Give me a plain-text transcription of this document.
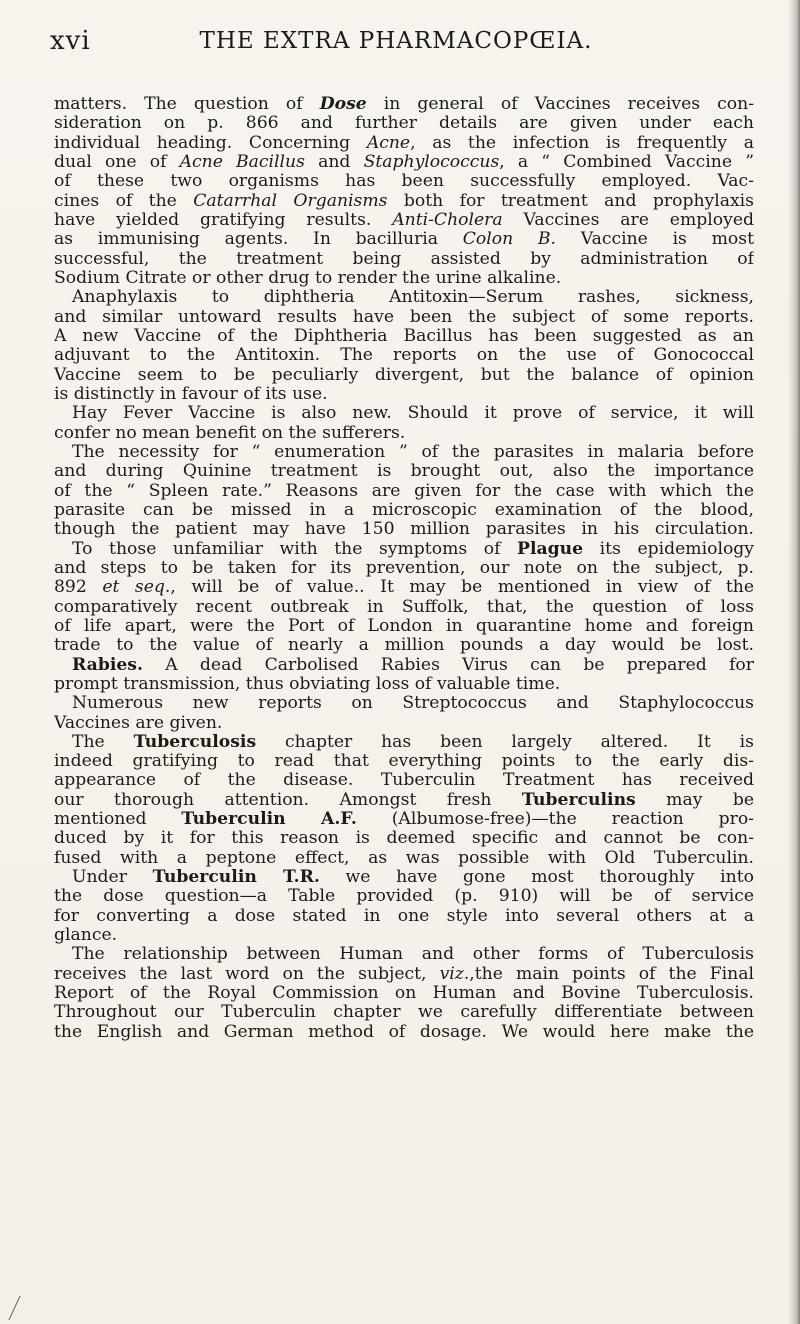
xvi	THE EXTRA PHARMACOPŒIA.
matters. The question of Dose in general of Vaccines receives con-
sideration on p. 866 and further details are given under each
individual heading. Concerning Acne, as the infection is frequently a
dual one of Acne Bacillus and Staphylococcus, a “ Combined Vaccine ”
of these two organisms has been successfully employed. Vac-
cines of the Catarrhal Organisms both for treatment and prophylaxis
have yielded gratifying results. Anti-Cholera Vaccines are employed
as immunising agents. In bacilluria Colon B. Vaccine is most
successful, the treatment being assisted by administration of
Sodium Citrate or other drug to render the urine alkaline.
Anaphylaxis to diphtheria Antitoxin—Serum rashes, sickness,
and similar untoward results have been the subject of some reports.
A new Vaccine of the Diphtheria Bacillus has been suggested as an
adjuvant to the Antitoxin. The reports on the use of Gonococcal
Vaccine seem to be peculiarly divergent, but the balance of opinion
is distinctly in favour of its use.
Hay Fever Vaccine is also new. Should it prove of service, it will
confer no mean benefit on the sufferers.
The necessity for “ enumeration ” of the parasites in malaria before
and during Quinine treatment is brought out, also the importance
of the “ Spleen rate.” Reasons are given for the case with which the
parasite can be missed in a microscopic examination of the blood,
though the patient may have 150 million parasites in his circulation.
To those unfamiliar with the symptoms of Plague its epidemiology
and steps to be taken for its prevention, our note on the subject, p.
892 et seq., will be of value.. It may be mentioned in view of the
comparatively recent outbreak in Suffolk, that, the question of loss
of life apart, were the Port of London in quarantine home and foreign
trade to the value of nearly a million pounds a day would be lost.
Rabies. A dead Carbolised Rabies Virus can be prepared for
prompt transmission, thus obviating loss of valuable time.
Numerous new reports on Streptococcus and Staphylococcus
Vaccines are given.
The Tuberculosis chapter has been largely altered. It is
indeed gratifying to read that everything points to the early dis-
appearance of the disease. Tuberculin Treatment has received
our thorough attention. Amongst fresh Tuberculins may be
mentioned Tuberculin A.F. (Albumose-free)—the reaction pro-
duced by it for this reason is deemed specific and cannot be con-
fused with a peptone effect, as was possible with Old Tuberculin.
Under Tuberculin T.R. we have gone most thoroughly into
the dose question—a Table provided (p. 910) will be of service
for converting a dose stated in one style into several others at a
glance.
The relationship between Human and other forms of Tuberculosis
receives the last word on the subject, viz.,the main points of the Final
Report of the Royal Commission on Human and Bovine Tuberculosis.
Throughout our Tuberculin chapter we carefully differentiate between
the English and German method of dosage. We would here make the
